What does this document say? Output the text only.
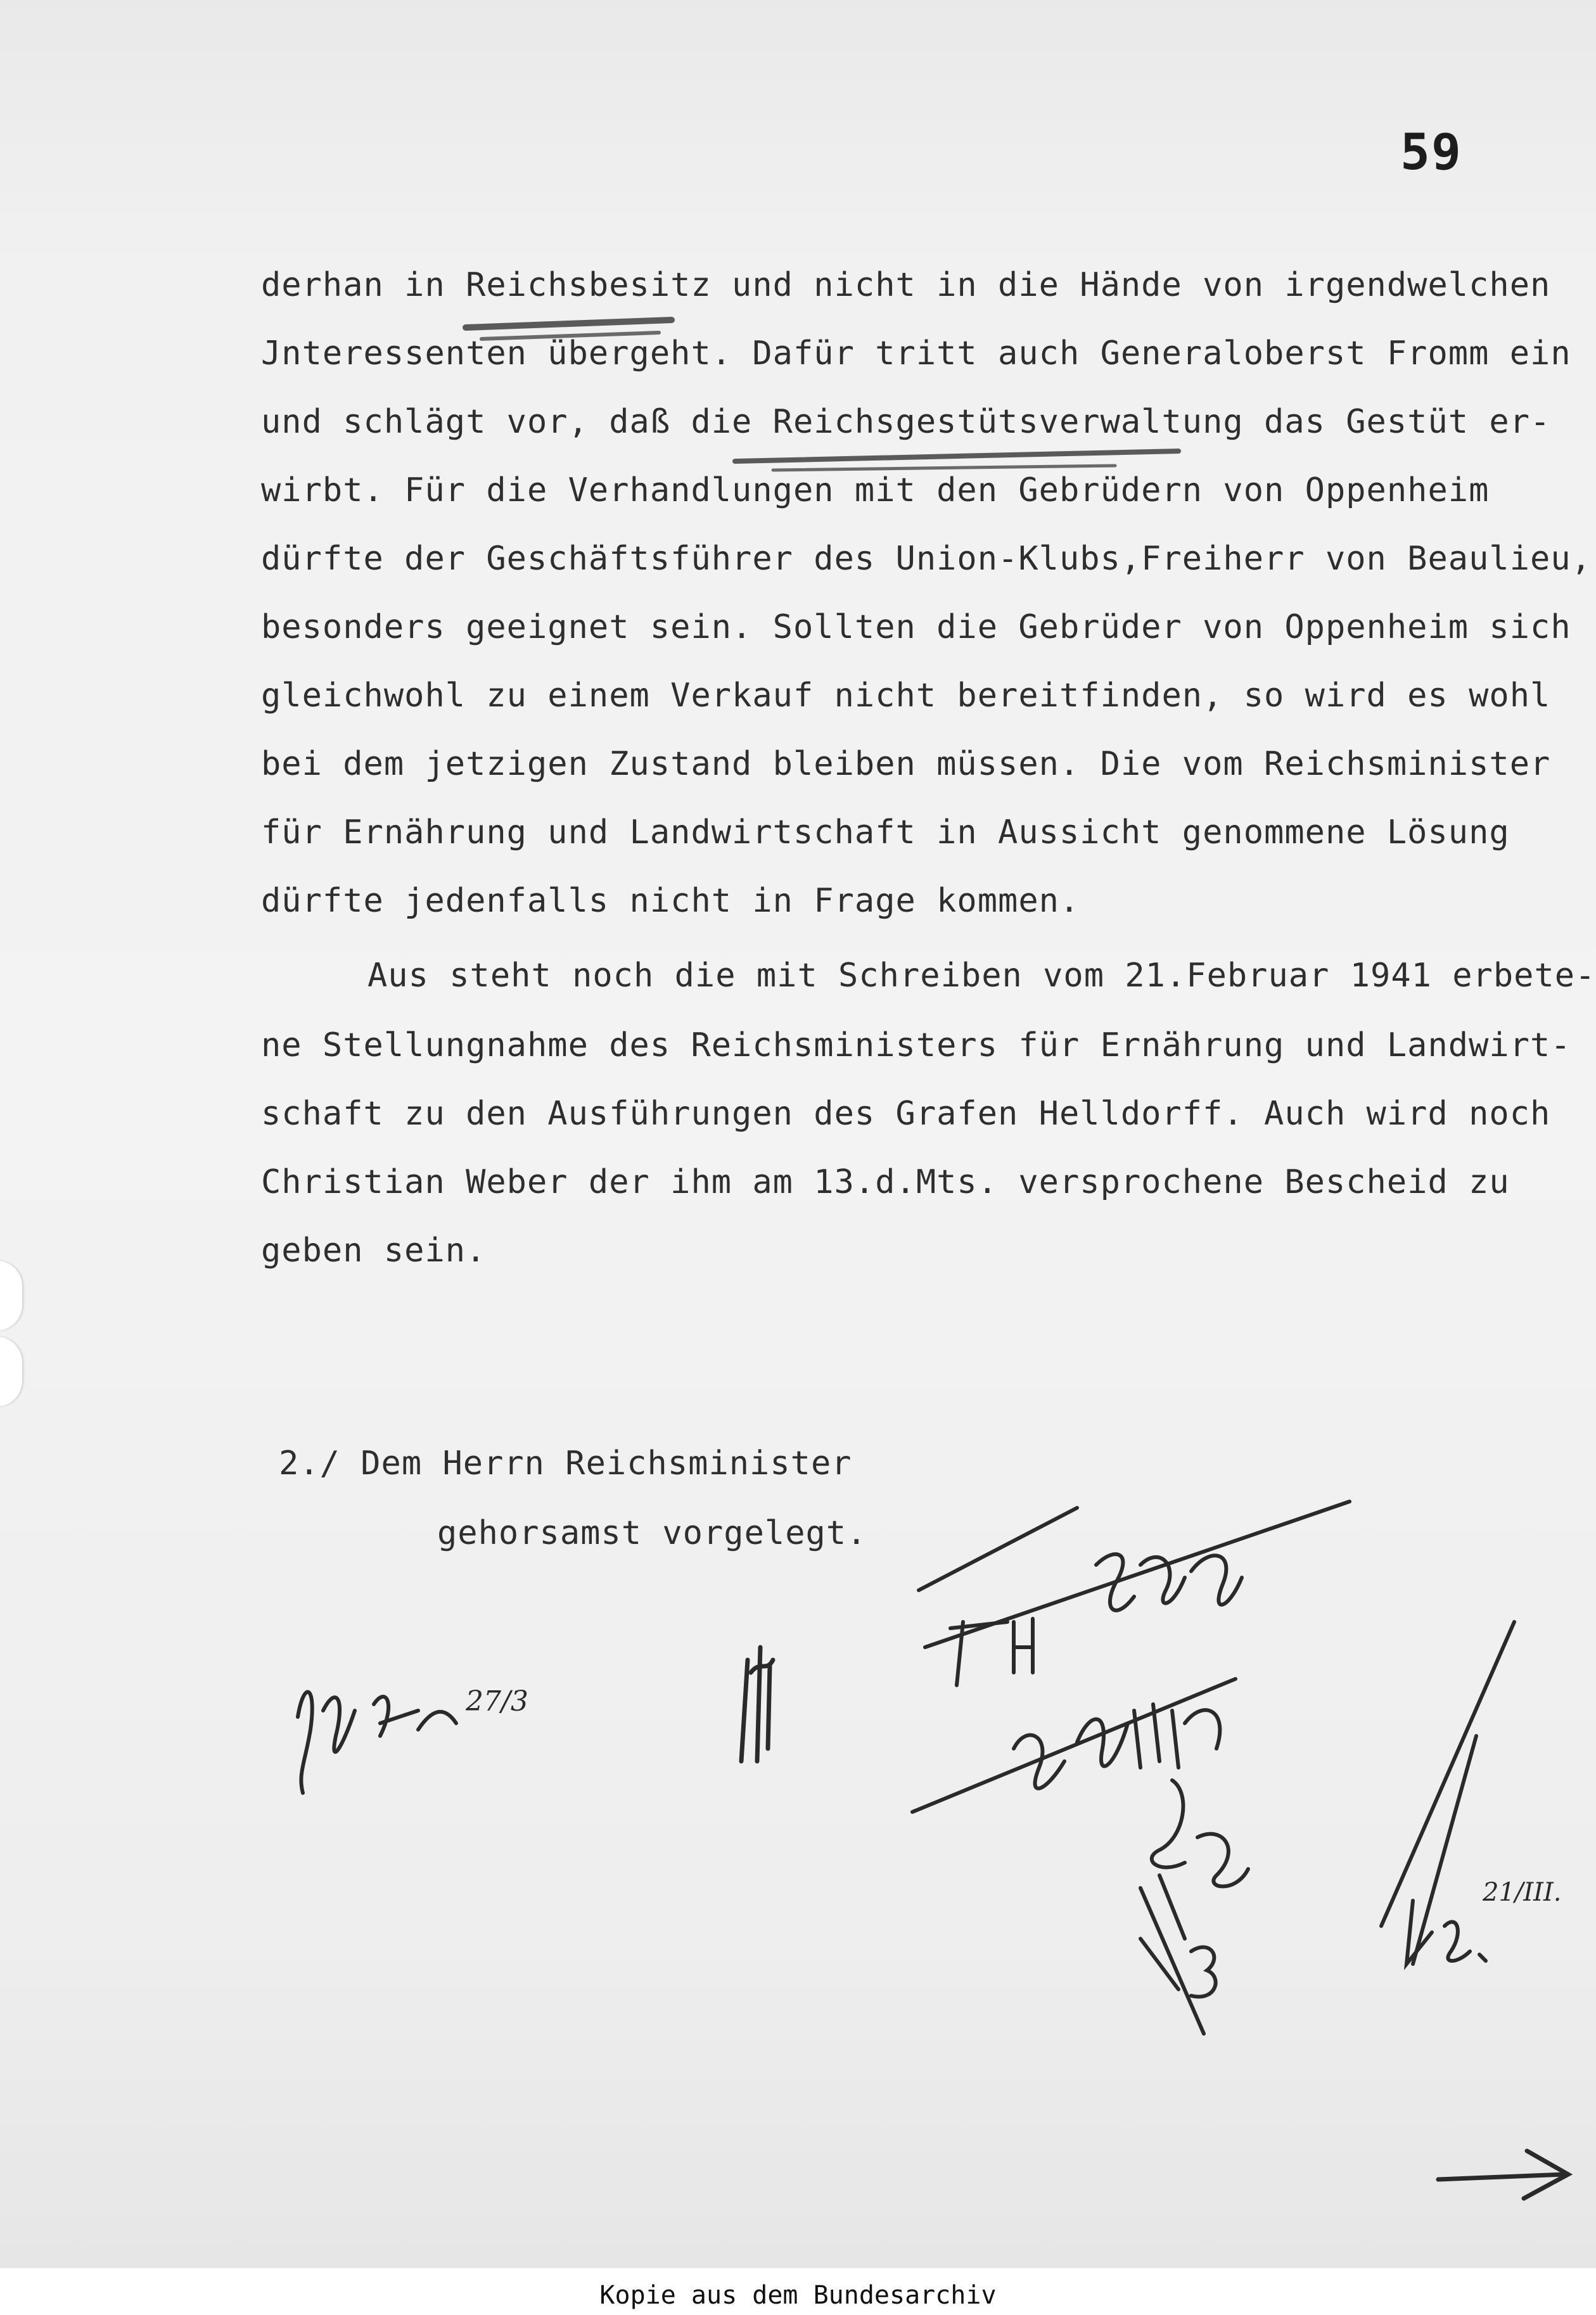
59
derhan in Reichsbesitz und nicht in die Hände von irgendwelchen
Jnteressenten übergeht. Dafür tritt auch Generaloberst Fromm ein
und schlägt vor, daß die Reichsgestütsverwaltung das Gestüt er-
wirbt. Für die Verhandlungen mit den Gebrüdern von Oppenheim
dürfte der Geschäftsführer des Union-Klubs,Freiherr von Beaulieu,
besonders geeignet sein. Sollten die Gebrüder von Oppenheim sich
gleichwohl zu einem Verkauf nicht bereitfinden, so wird es wohl
bei dem jetzigen Zustand bleiben müssen. Die vom Reichsminister
für Ernährung und Landwirtschaft in Aussicht genommene Lösung
dürfte jedenfalls nicht in Frage kommen.
Aus steht noch die mit Schreiben vom 21.Februar 1941 erbete-
ne Stellungnahme des Reichsministers für Ernährung und Landwirt-
schaft zu den Ausführungen des Grafen Helldorff. Auch wird noch
Christian Weber der ihm am 13.d.Mts. versprochene Bescheid zu
geben sein.
2./ Dem Herrn Reichsminister
gehorsamst vorgelegt.
27/3
21/III.
Kopie aus dem Bundesarchiv
